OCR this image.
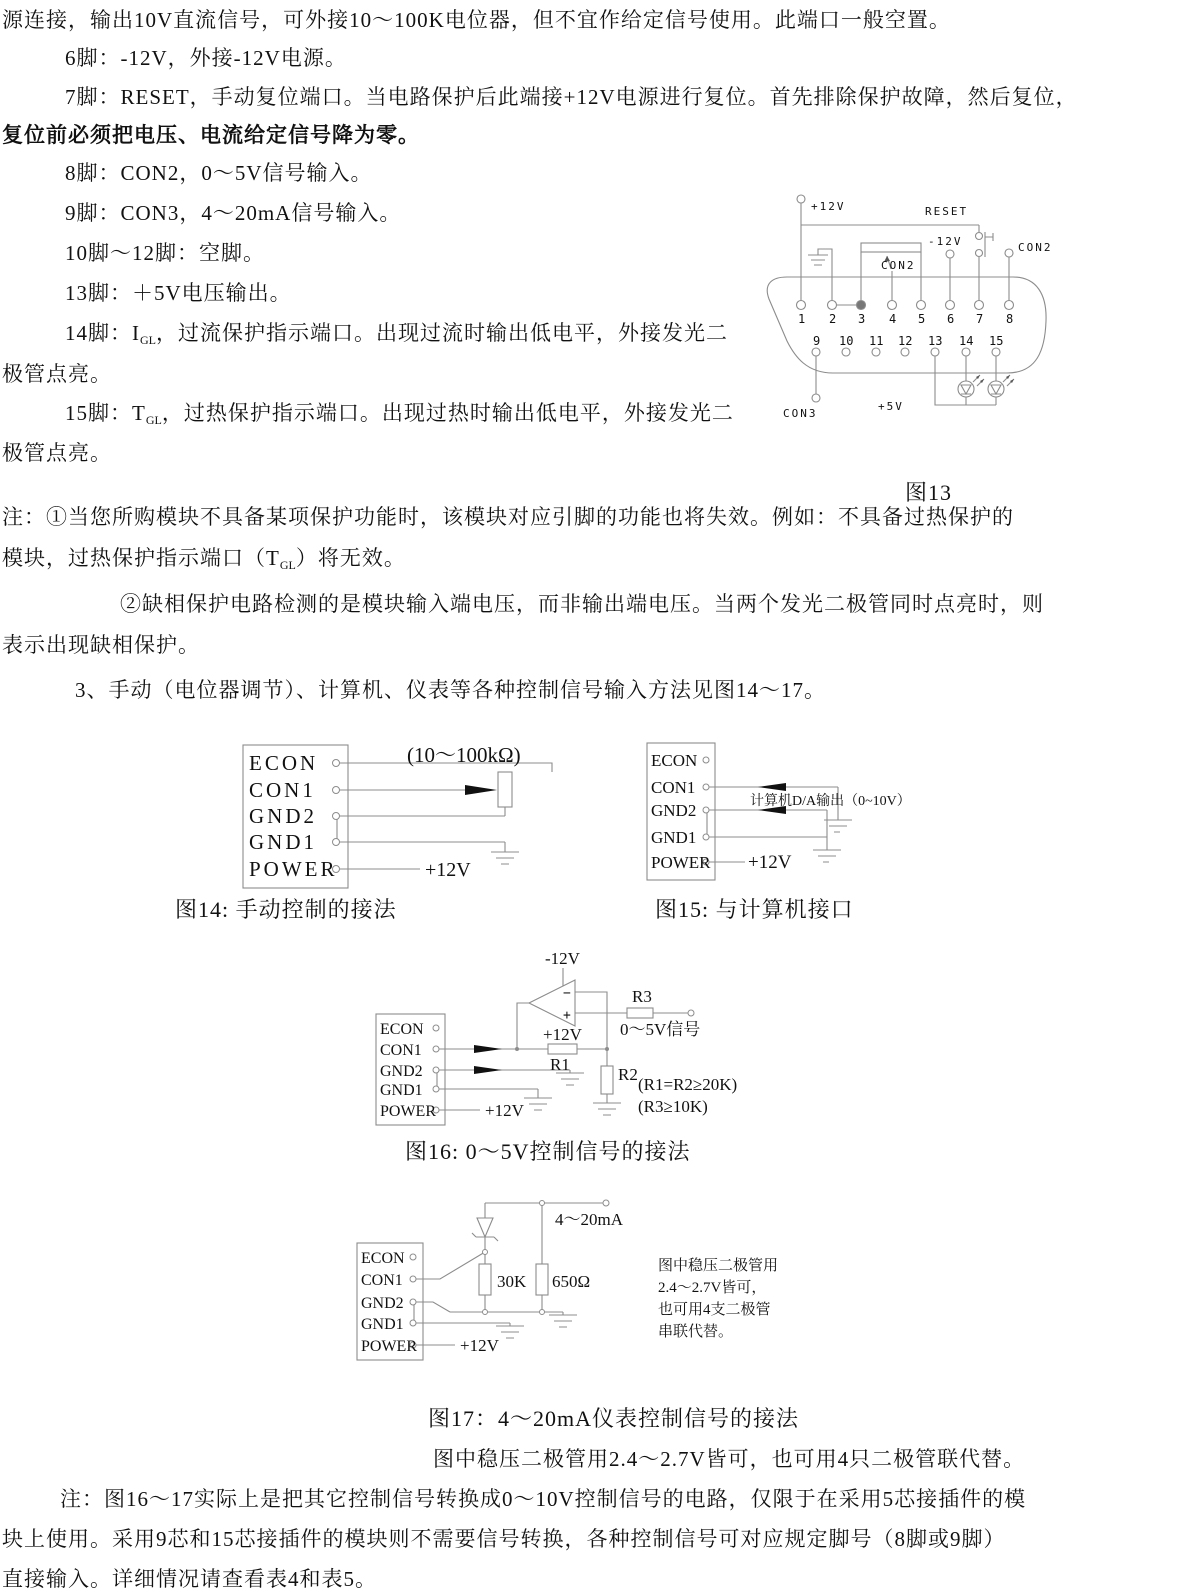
源连接，输出10V直流信号，可外接10～100K电位器，但不宜作给定信号使用。此端口一般空置。
6脚：-12V，外接-12V电源。
7脚：RESET，手动复位端口。当电路保护后此端接+12V电源进行复位。首先排除保护故障，然后复位，
复位前必须把电压、电流给定信号降为零。
8脚：CON2，0～5V信号输入。
9脚：CON3，4～20mA信号输入。
10脚～12脚：空脚。
13脚：＋5V电压输出。
14脚：$I_{GL}$，过流保护指示端口。出现过流时输出低电平，外接发光二
极管点亮。
15脚：$T_{GL}$，过热保护指示端口。出现过热时输出低电平，外接发光二
极管点亮。
图13
注：①当您所购模块不具备某项保护功能时，该模块对应引脚的功能也将失效。例如：不具备过热保护的
模块，过热保护指示端口$(T_{GL})$将无效。
②缺相保护电路检测的是模块输入端电压，而非输出端电压。当两个发光二极管同时点亮时，则
表示出现缺相保护。
3、手动（电位器调节）、计算机、仪表等各种控制信号输入方法见图14～17。
+12V	RESET
-12V	CON2
CON2
CON3
+5V
1 2 3 4 5 6 7 8
9 10 11 12 13 14 15
ECON
CON1
GND2
GND1
POWER
(10～100kΩ)
+12V
图14: 手动控制的接法
ECON
CON1
GND2
GND1
POWER
计算机D/A输出（0~10V）
+12V
图15: 与计算机接口
ECON
CON1
GND2
GND1
POWER
-12V
+12V
R3
0～5V信号
R1
R2
(R1=R2≥20K)
(R3≥10K)
+12V
−
+
图16: 0～5V控制信号的接法
ECON
CON1
GND2
GND1
POWER
4～20mA
30K 650Ω
+12V
图中稳压二极管用
2.4～2.7V皆可，
也可用4支二极管
串联代替。
图17：4～20mA仪表控制信号的接法
图中稳压二极管用2.4～2.7V皆可，也可用4只二极管联代替。
注：图16～17实际上是把其它控制信号转换成0～10V控制信号的电路，仅限于在采用5芯接插件的模
块上使用。采用9芯和15芯接插件的模块则不需要信号转换，各种控制信号可对应规定脚号（8脚或9脚）
直接输入。详细情况请查看表4和表5。
